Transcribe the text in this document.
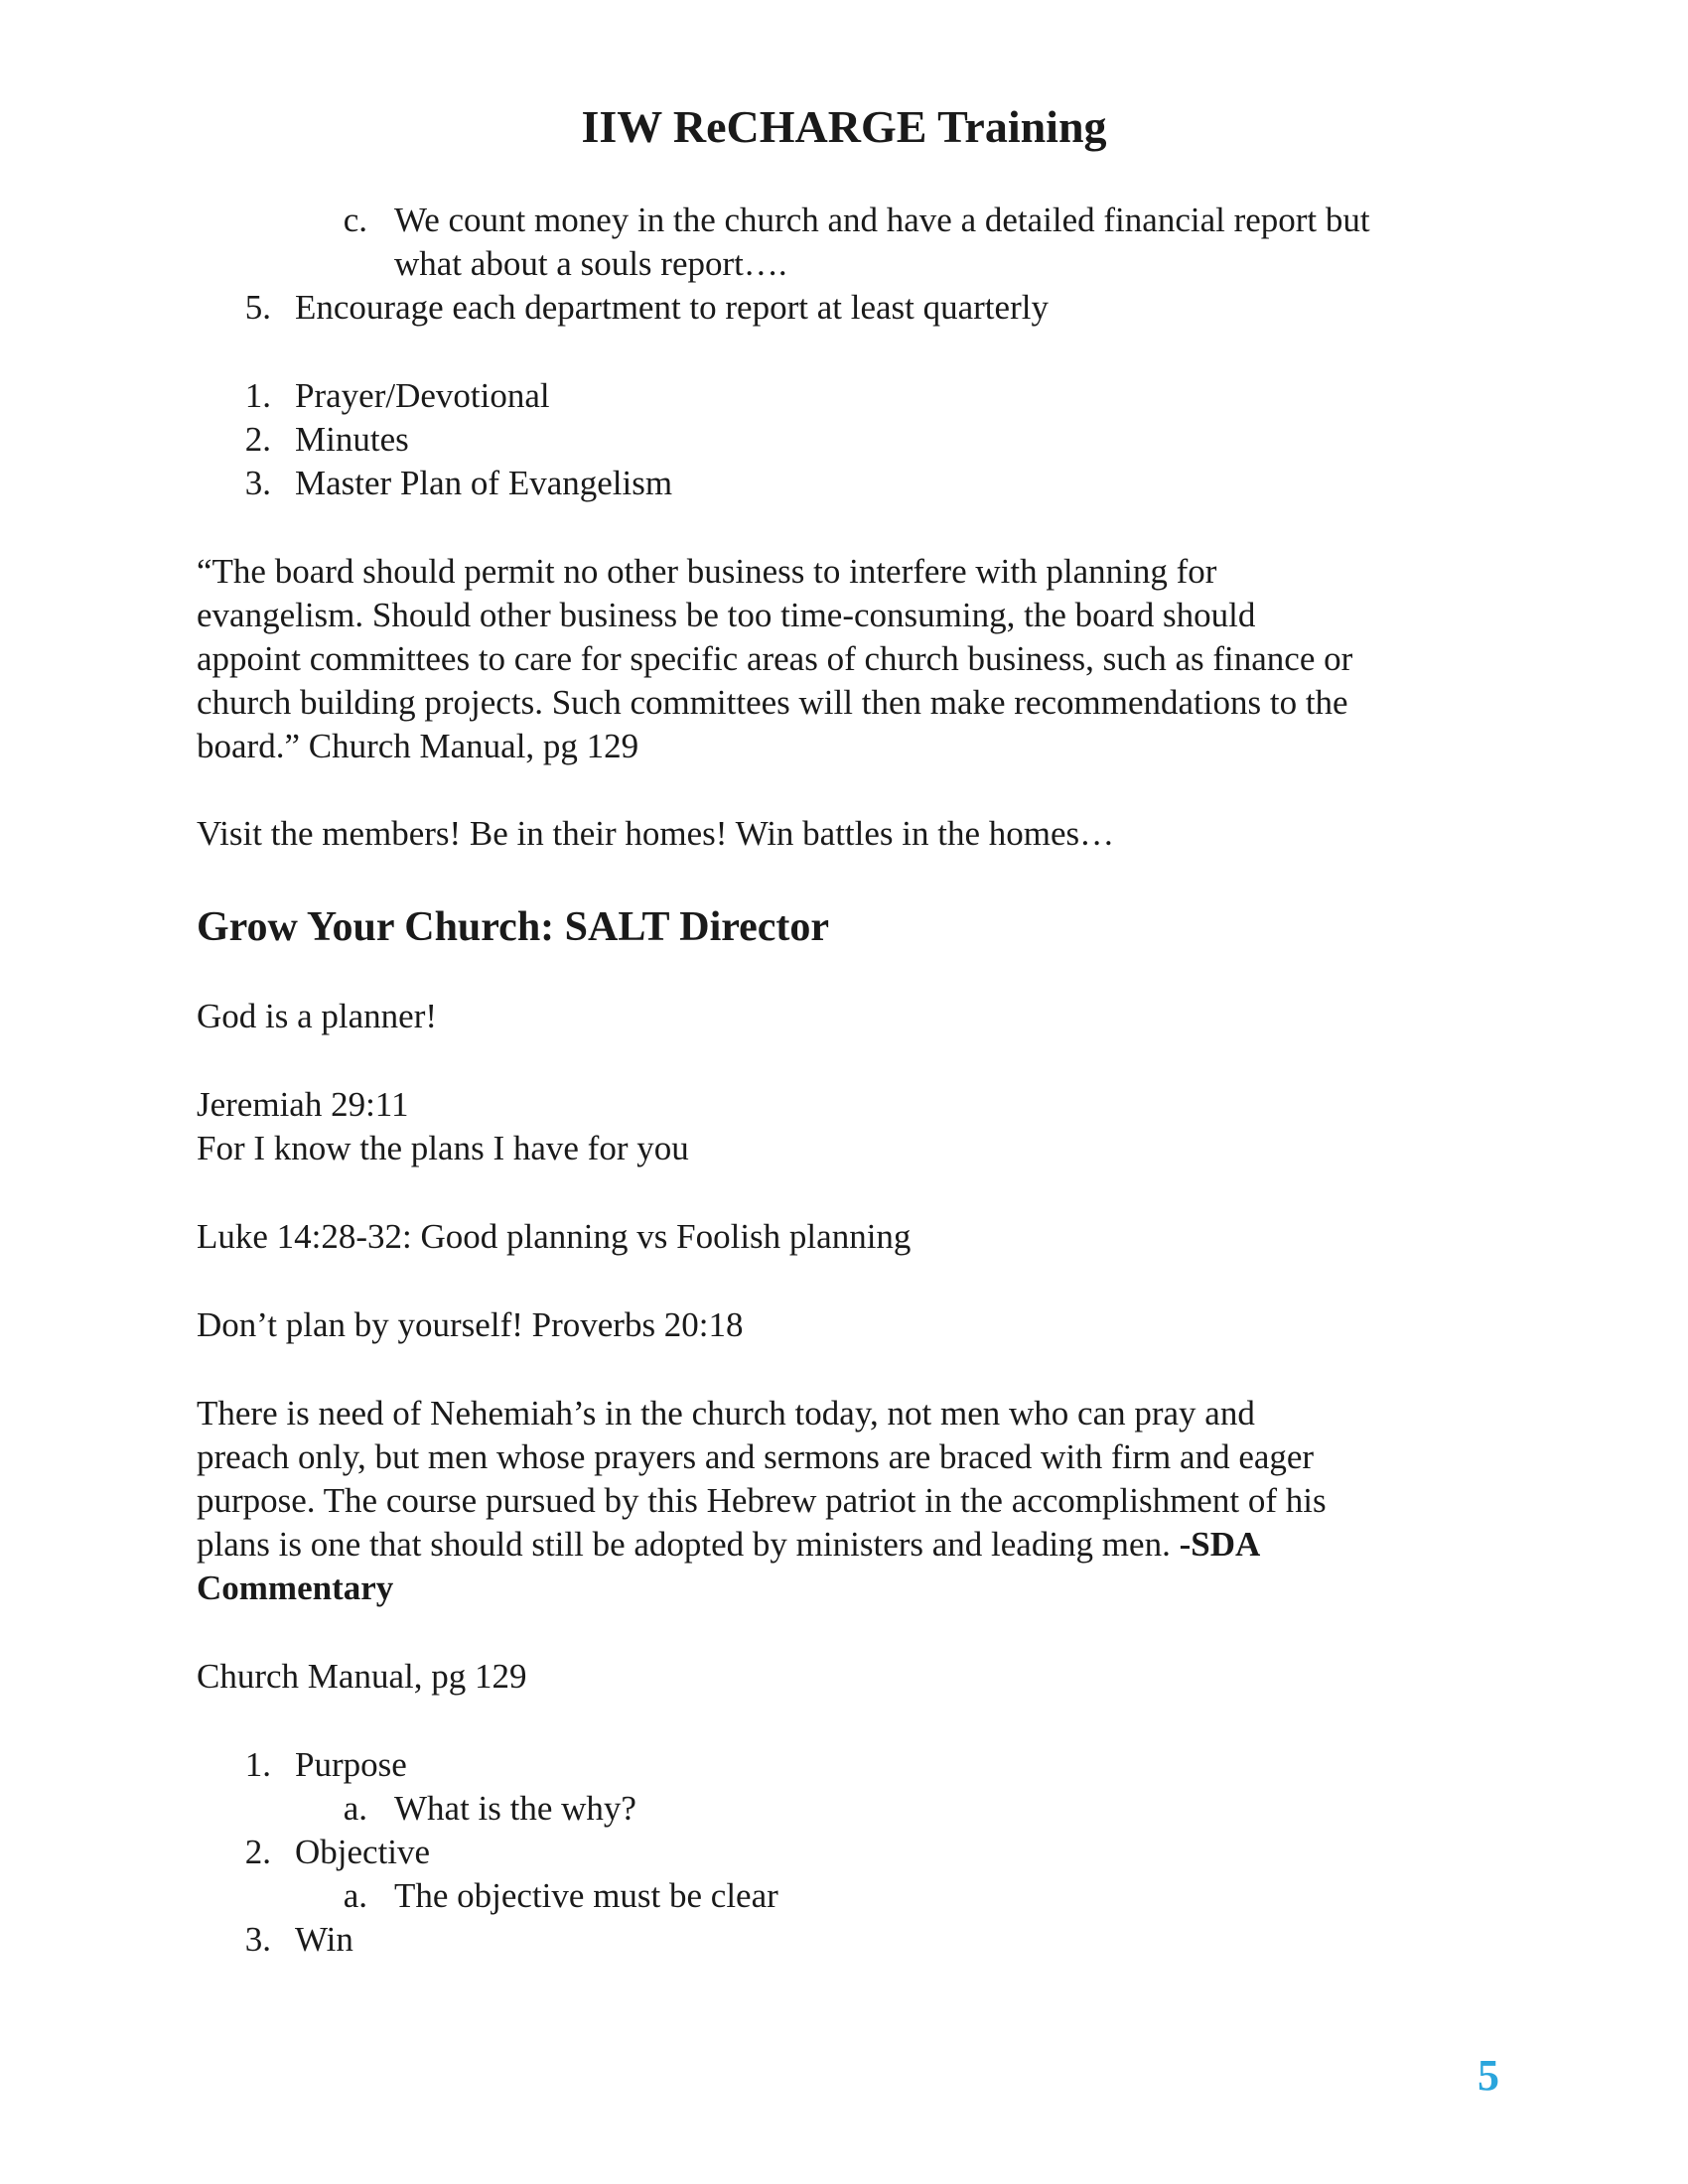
IIW ReCHARGE Training
c. We count money in the church and have a detailed financial report but
what about a souls report….
5. Encourage each department to report at least quarterly
1. Prayer/Devotional
2. Minutes
3. Master Plan of Evangelism
“The board should permit no other business to interfere with planning for
evangelism. Should other business be too time-consuming, the board should
appoint committees to care for specific areas of church business, such as finance or
church building projects. Such committees will then make recommendations to the
board.” Church Manual, pg 129
Visit the members! Be in their homes! Win battles in the homes…
Grow Your Church: SALT Director
God is a planner!
Jeremiah 29:11
For I know the plans I have for you
Luke 14:28-32: Good planning vs Foolish planning
Don’t plan by yourself! Proverbs 20:18
There is need of Nehemiah’s in the church today, not men who can pray and
preach only, but men whose prayers and sermons are braced with firm and eager
purpose. The course pursued by this Hebrew patriot in the accomplishment of his
plans is one that should still be adopted by ministers and leading men. -SDA
Commentary
Church Manual, pg 129
1. Purpose
a. What is the why?
2. Objective
a. The objective must be clear
3. Win
5
